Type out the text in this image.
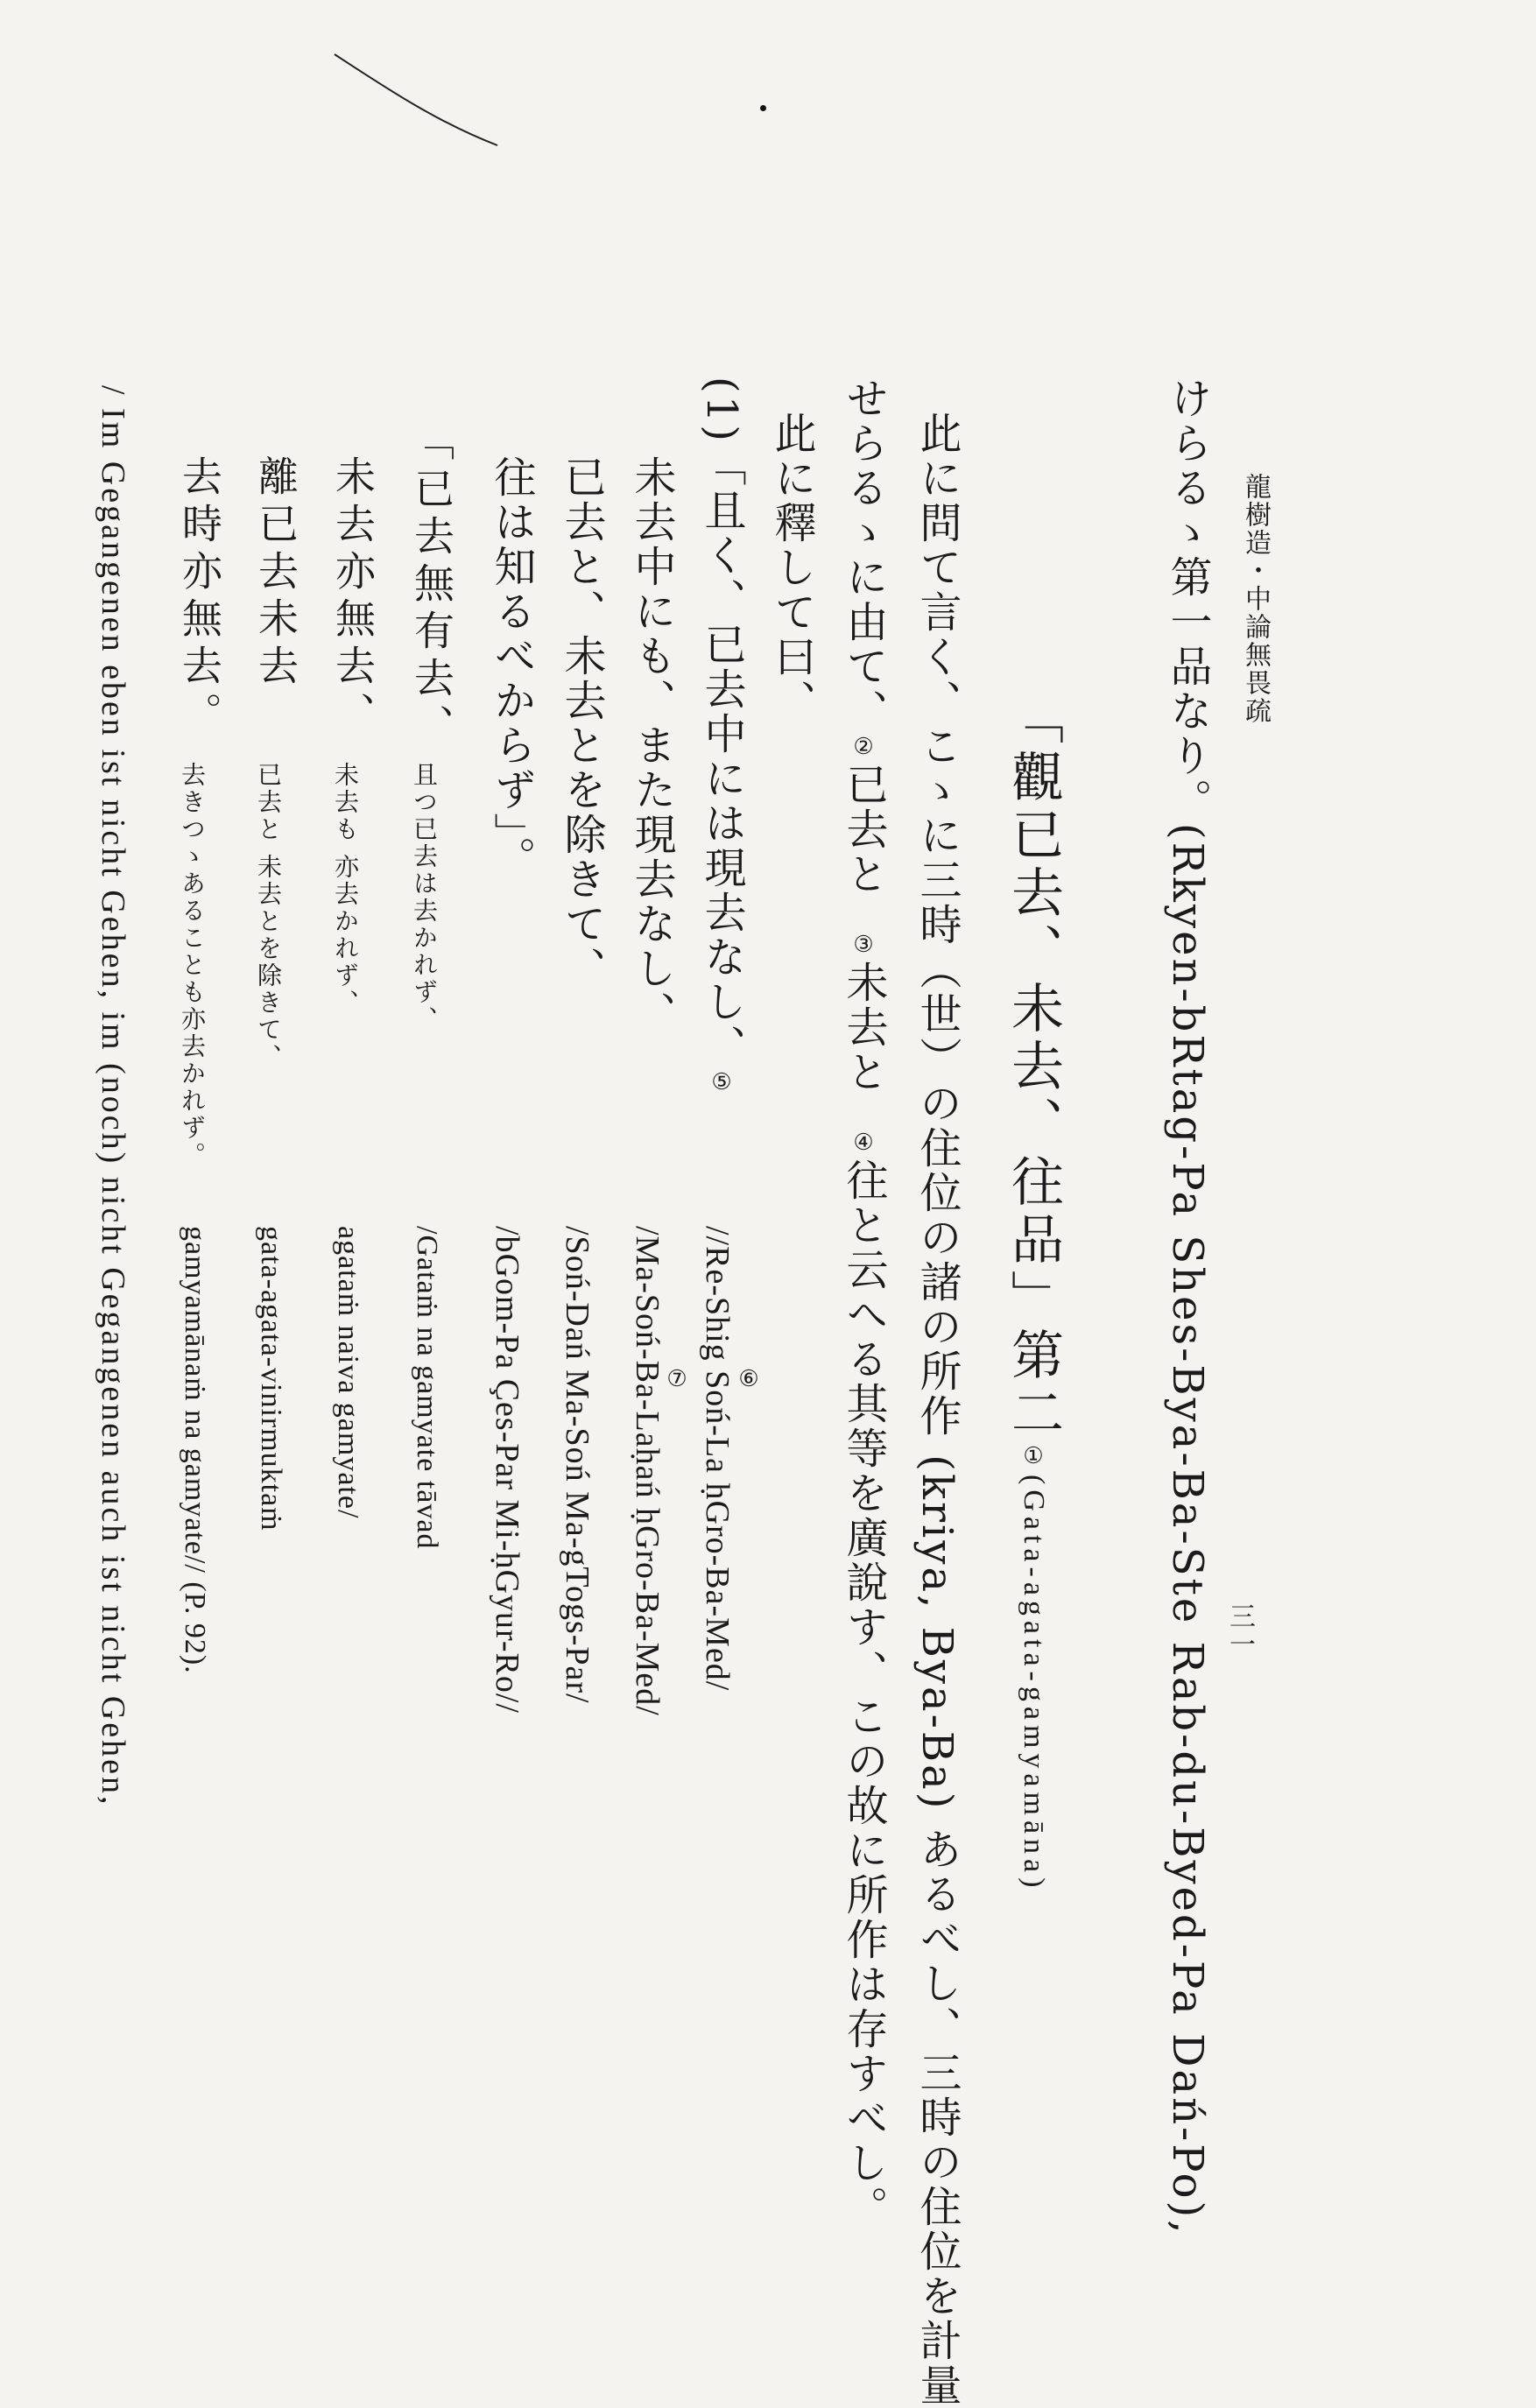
龍樹造・中論無畏疏
三一
けらるゝ第一品なり。(Rkyen-bRtag-Pa Shes-Bya-Ba-Ste Rab-du-Byed-Pa Dań-Po),
「觀已去、未去、往品」第二①(Gata-agata-gamyamāna)
此に問て言く、こゝに三時（世）の住位の諸の所作 (kriya, Bya-Ba) あるべし、三時の住位を計量
せらるゝに由て、②已去と③未去と④往と云へる其等を廣說す、この故に所作は存すべし。
此に釋して曰、
(1)「且く、已去中には現去なし、⑤
//Re-Shig Soń-La ḥGro-Ba-Med/ ⑥
未去中にも、また現去なし、
/Ma-Soń-Ba-Laḥań ḥGro-Ba-Med/
⑦
已去と、未去とを除きて、
/Soń-Dań Ma-Soń Ma-gTogs-Par/
往は知るべからず」。
/bGom-Pa Çes-Par Mi-ḥGyur-Ro//
「已去無有去、
且つ已去は去かれず、
/Gataṁ na gamyate tāvad
未去亦無去、
未去も 亦去かれず、
agataṁ naiva gamyate/
離已去未去
已去と 未去とを除きて、
gata-agata-vinirmuktaṁ
去時亦無去。
去きつゝあることも亦去かれず。
gamyamānaṁ na gamyate// (P. 92).
/ Im Gegangenen eben ist nicht Gehen, im (noch) nicht Gegangenen auch ist nicht Gehen,
